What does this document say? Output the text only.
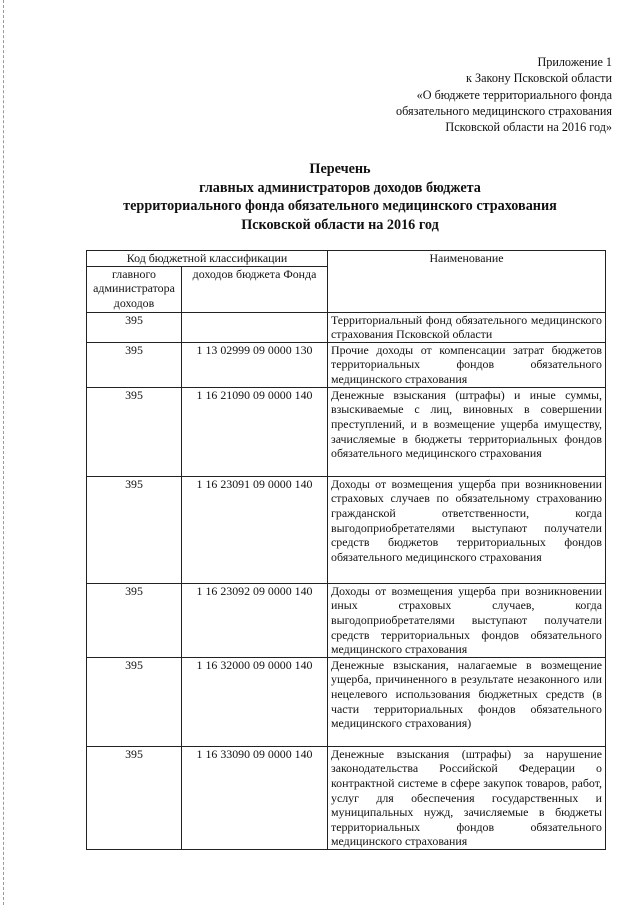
Приложение 1
к Закону Псковской области
«О бюджете территориального фонда
обязательного медицинского страхования
Псковской области на 2016 год»
Перечень
главных администраторов доходов бюджета
территориального фонда обязательного медицинского страхования
Псковской области на 2016 год
Код бюджетной классификации		Наименование
главного администратора доходов	доходов бюджета Фонда	
395		Территориальный фонд обязательного медицинского страхования Псковской области
395	1 13 02999 09 0000 130	Прочие доходы от компенсации затрат бюджетов территориальных фондов обязательного медицинского страхования
395	1 16 21090 09 0000 140	Денежные взыскания (штрафы) и иные суммы, взыскиваемые с лиц, виновных в совершении преступлений, и в возмещение ущерба имуществу, зачисляемые в бюджеты территориальных фондов обязательного медицинского страхования
395	1 16 23091 09 0000 140	Доходы от возмещения ущерба при возникновении страховых случаев по обязательному страхованию гражданской ответственности, когда выгодоприобретателями выступают получатели средств бюджетов территориальных фондов обязательного медицинского страхования
395	1 16 23092 09 0000 140	Доходы от возмещения ущерба при возникновении иных страховых случаев, когда выгодоприобретателями выступают получатели средств территориальных фондов обязательного медицинского страхования
395	1 16 32000 09 0000 140	Денежные взыскания, налагаемые в возмещение ущерба, причиненного в результате незаконного или нецелевого использования бюджетных средств (в части территориальных фондов обязательного медицинского страхования)
395	1 16 33090 09 0000 140	Денежные взыскания (штрафы) за нарушение законодательства Российской Федерации о контрактной системе в сфере закупок товаров, работ, услуг для обеспечения государственных и муниципальных нужд, зачисляемые в бюджеты территориальных фондов обязательного медицинского страхования
